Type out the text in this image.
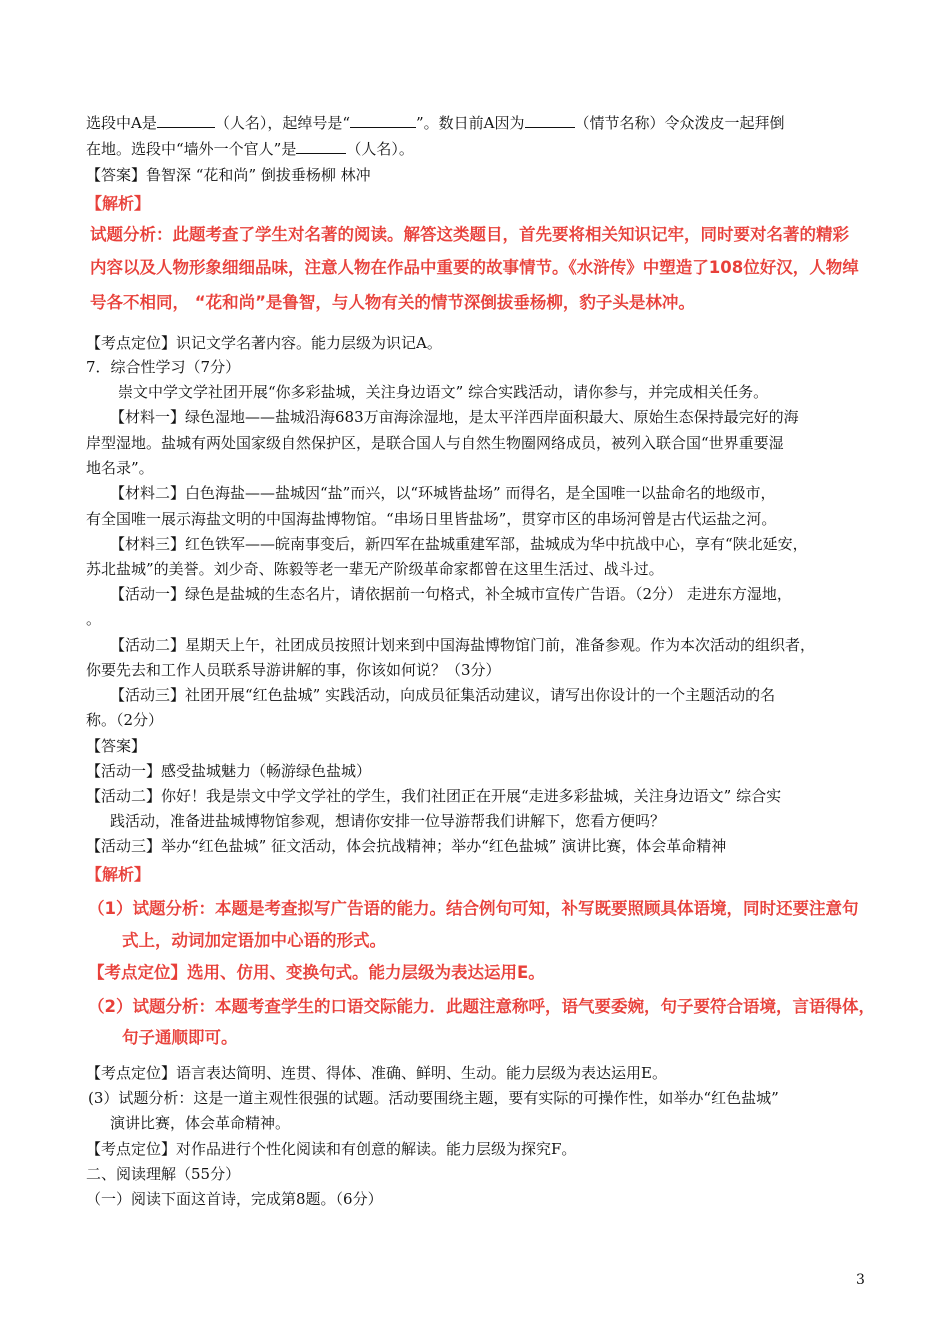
选段中A是	（人名），起绰号是“	”。数日前A因为	（情节名称）令众泼皮一起拜倒
在地。选段中“墙外一个官人”是	（人名）。
【答案】鲁智深 “花和尚” 倒拔垂杨柳 林冲
【解析】
试题分析：此题考查了学生对名著的阅读。解答这类题目，首先要将相关知识记牢，同时要对名著的精彩
内容以及人物形象细细品味，注意人物在作品中重要的故事情节。《水浒传》中塑造了108位好汉，人物绰
号各不相同， “花和尚”是鲁智，与人物有关的情节深倒拔垂杨柳，豹子头是林冲。
【考点定位】识记文学名著内容。能力层级为识记A。
7．综合性学习（7分）
崇文中学文学社团开展“你多彩盐城，关注身边语文” 综合实践活动，请你参与，并完成相关任务。
【材料一】绿色湿地——盐城沿海683万亩海涂湿地，是太平洋西岸面积最大、原始生态保持最完好的海
岸型湿地。盐城有两处国家级自然保护区，是联合国人与自然生物圈网络成员，被列入联合国“世界重要湿
地名录”。
【材料二】白色海盐——盐城因“盐”而兴，以“环城皆盐场” 而得名，是全国唯一以盐命名的地级市，
有全国唯一展示海盐文明的中国海盐博物馆。“串场日里皆盐场”，贯穿市区的串场河曾是古代运盐之河。
【材料三】红色铁军——皖南事变后，新四军在盐城重建军部，盐城成为华中抗战中心，享有“陕北延安，
苏北盐城”的美誉。刘少奇、陈毅等老一辈无产阶级革命家都曾在这里生活过、战斗过。
【活动一】绿色是盐城的生态名片，请依据前一句格式，补全城市宣传广告语。（2分） 走进东方湿地，
。
【活动二】星期天上午，社团成员按照计划来到中国海盐博物馆门前，准备参观。作为本次活动的组织者，
你要先去和工作人员联系导游讲解的事，你该如何说？（3分）
【活动三】社团开展“红色盐城” 实践活动，向成员征集活动建议，请写出你设计的一个主题活动的名
称。（2分）
【答案】
【活动一】感受盐城魅力（畅游绿色盐城）
【活动二】你好！我是崇文中学文学社的学生，我们社团正在开展“走进多彩盐城，关注身边语文” 综合实
践活动，准备进盐城博物馆参观，想请你安排一位导游帮我们讲解下，您看方便吗？
【活动三】举办“红色盐城” 征文活动，体会抗战精神；举办“红色盐城” 演讲比赛，体会革命精神
【解析】
（1）试题分析：本题是考查拟写广告语的能力。结合例句可知，补写既要照顾具体语境，同时还要注意句
式上，动词加定语加中心语的形式。
【考点定位】选用、仿用、变换句式。能力层级为表达运用E。
（2）试题分析：本题考查学生的口语交际能力．此题注意称呼，语气要委婉，句子要符合语境，言语得体，
句子通顺即可。
【考点定位】语言表达简明、连贯、得体、准确、鲜明、生动。能力层级为表达运用E。
(3）试题分析：这是一道主观性很强的试题。活动要围绕主题，要有实际的可操作性，如举办“红色盐城”
演讲比赛，体会革命精神。
【考点定位】对作品进行个性化阅读和有创意的解读。能力层级为探究F。
二、阅读理解（55分）
（一）阅读下面这首诗，完成第8题。（6分）
3
